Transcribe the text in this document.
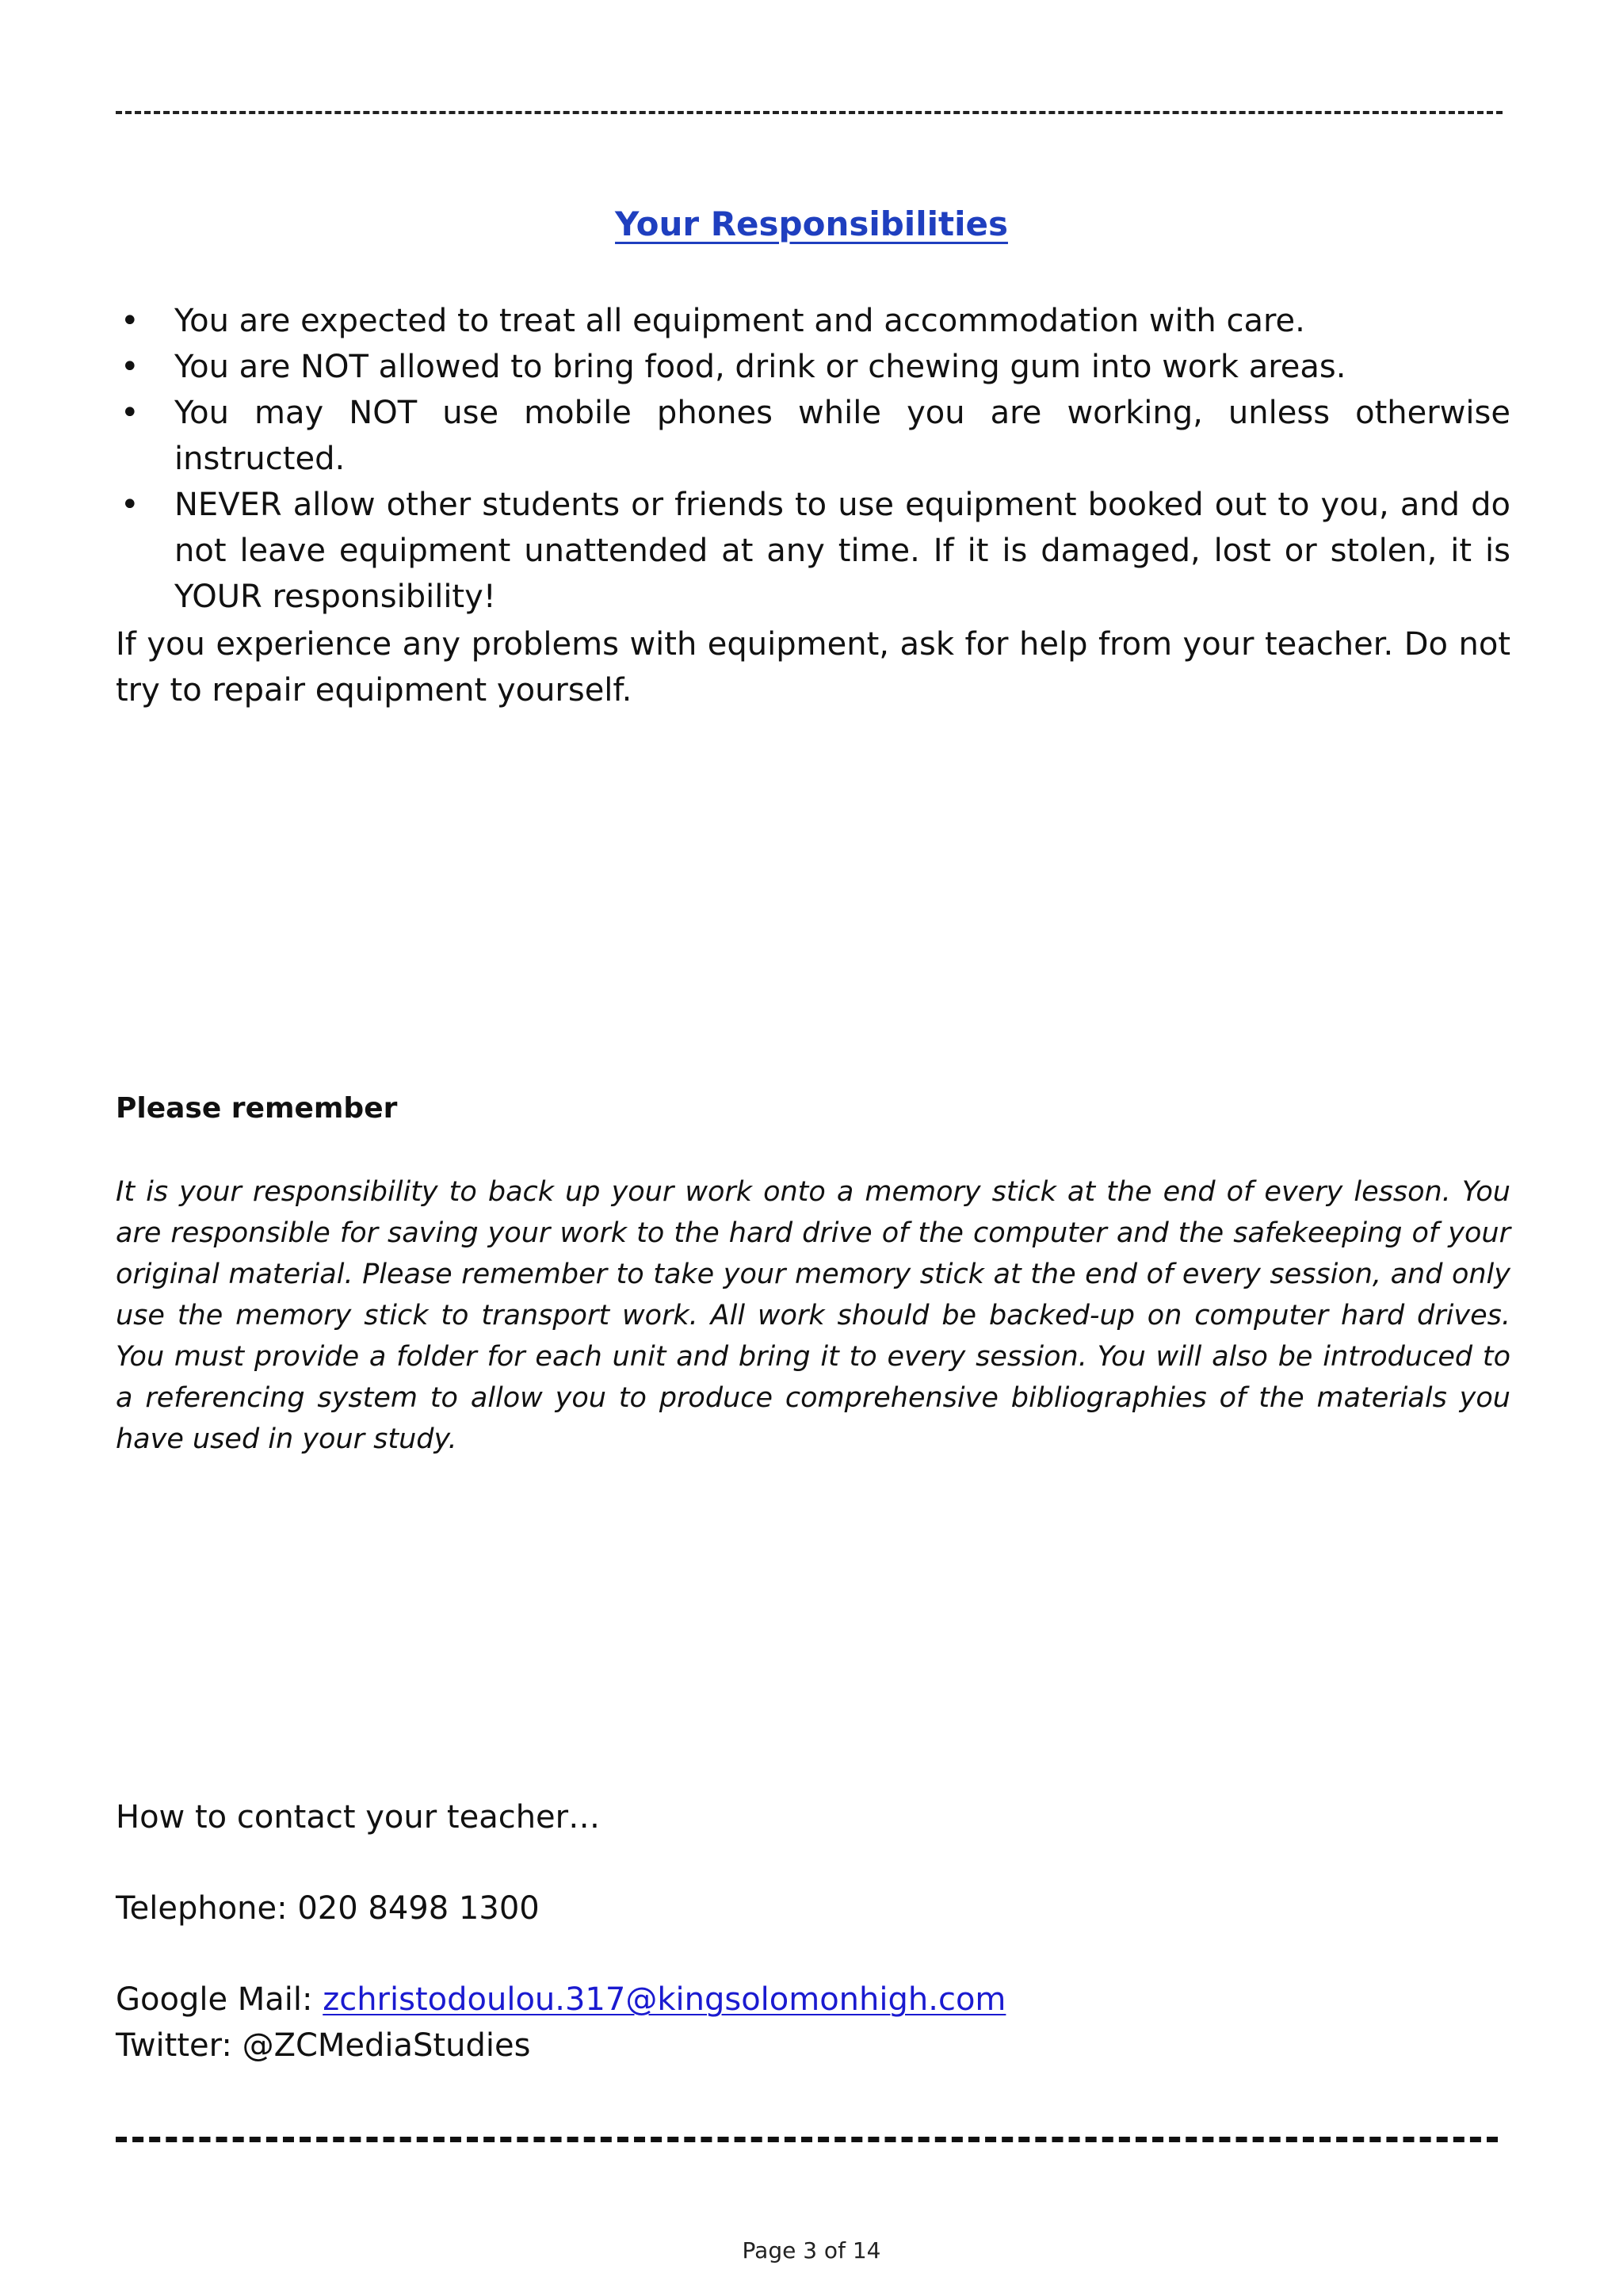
Your Responsibilities
• You are expected to treat all equipment and accommodation with care.
• You are NOT allowed to bring food, drink or chewing gum into work areas.
• You may NOT use mobile phones while you are working, unless otherwise instructed.
• NEVER allow other students or friends to use equipment booked out to you, and do not leave equipment unattended at any time. If it is damaged, lost or stolen, it is YOUR responsibility!

If you experience any problems with equipment, ask for help from your teacher. Do not try to repair equipment yourself.

Please remember

It is your responsibility to back up your work onto a memory stick at the end of every lesson. You are responsible for saving your work to the hard drive of the computer and the safekeeping of your original material. Please remember to take your memory stick at the end of every session, and only use the memory stick to transport work. All work should be backed-up on computer hard drives. You must provide a folder for each unit and bring it to every session. You will also be introduced to a referencing system to allow you to produce comprehensive bibliographies of the materials you have used in your study.

How to contact your teacher…

Telephone: 020 8498 1300

Google Mail: zchristodoulou.317@kingsolomonhigh.com

Twitter: @ZCMediaStudies

Page 3 of 14
